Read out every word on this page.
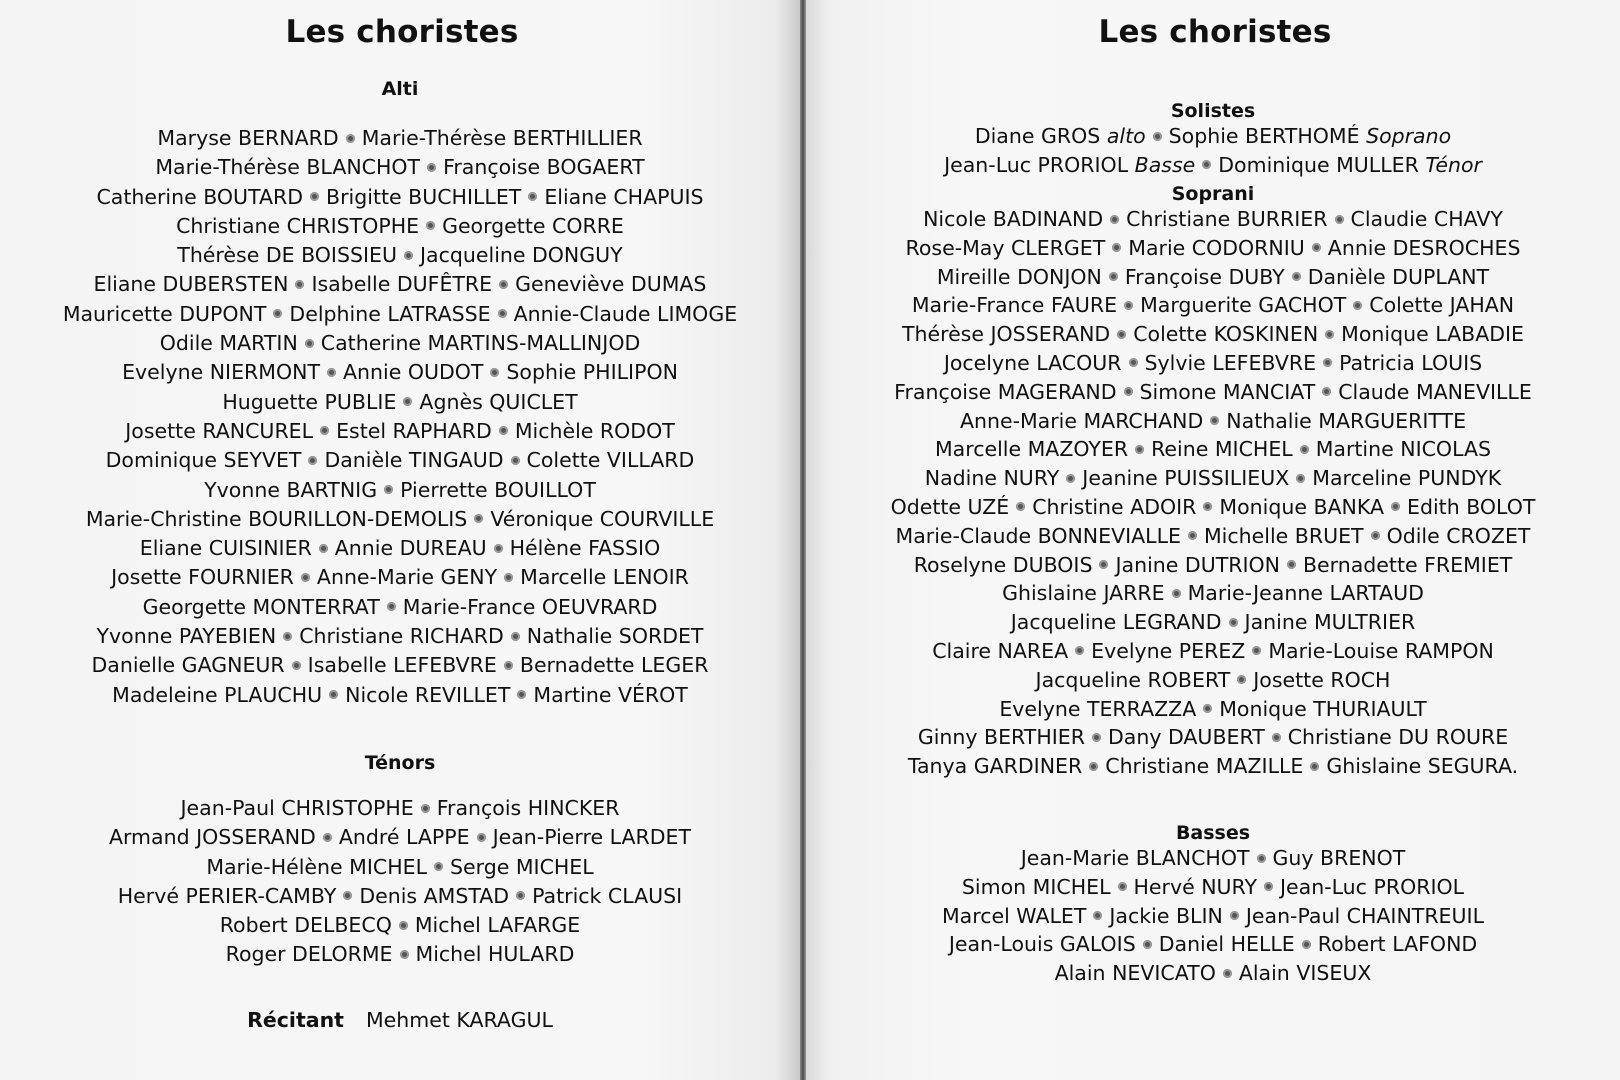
Les choristes
Alti
Maryse BERNARD Marie-Thérèse BERTHILLIER
Marie-Thérèse BLANCHOT Françoise BOGAERT
Catherine BOUTARD Brigitte BUCHILLET Eliane CHAPUIS
Christiane CHRISTOPHE Georgette CORRE
Thérèse DE BOISSIEU Jacqueline DONGUY
Eliane DUBERSTEN Isabelle DUFÊTRE Geneviève DUMAS
Mauricette DUPONT Delphine LATRASSE Annie-Claude LIMOGE
Odile MARTIN Catherine MARTINS-MALLINJOD
Evelyne NIERMONT Annie OUDOT Sophie PHILIPON
Huguette PUBLIE Agnès QUICLET
Josette RANCUREL Estel RAPHARD Michèle RODOT
Dominique SEYVET Danièle TINGAUD Colette VILLARD
Yvonne BARTNIG Pierrette BOUILLOT
Marie-Christine BOURILLON-DEMOLIS Véronique COURVILLE
Eliane CUISINIER Annie DUREAU Hélène FASSIO
Josette FOURNIER Anne-Marie GENY Marcelle LENOIR
Georgette MONTERRAT Marie-France OEUVRARD
Yvonne PAYEBIEN Christiane RICHARD Nathalie SORDET
Danielle GAGNEUR Isabelle LEFEBVRE Bernadette LEGER
Madeleine PLAUCHU Nicole REVILLET Martine VÉROT
Ténors
Jean-Paul CHRISTOPHE François HINCKER
Armand JOSSERAND André LAPPE Jean-Pierre LARDET
Marie-Hélène MICHEL Serge MICHEL
Hervé PERIER-CAMBY Denis AMSTAD Patrick CLAUSI
Robert DELBECQ Michel LAFARGE
Roger DELORME Michel HULARD
Récitant Mehmet KARAGUL
Les choristes
Solistes
Diane GROS alto Sophie BERTHOMÉ Soprano
Jean-Luc PRORIOL Basse Dominique MULLER Ténor
Soprani
Nicole BADINAND Christiane BURRIER Claudie CHAVY
Rose-May CLERGET Marie CODORNIU Annie DESROCHES
Mireille DONJON Françoise DUBY Danièle DUPLANT
Marie-France FAURE Marguerite GACHOT Colette JAHAN
Thérèse JOSSERAND Colette KOSKINEN Monique LABADIE
Jocelyne LACOUR Sylvie LEFEBVRE Patricia LOUIS
Françoise MAGERAND Simone MANCIAT Claude MANEVILLE
Anne-Marie MARCHAND Nathalie MARGUERITTE
Marcelle MAZOYER Reine MICHEL Martine NICOLAS
Nadine NURY Jeanine PUISSILIEUX Marceline PUNDYK
Odette UZÉ Christine ADOIR Monique BANKA Edith BOLOT
Marie-Claude BONNEVIALLE Michelle BRUET Odile CROZET
Roselyne DUBOIS Janine DUTRION Bernadette FREMIET
Ghislaine JARRE Marie-Jeanne LARTAUD
Jacqueline LEGRAND Janine MULTRIER
Claire NAREA Evelyne PEREZ Marie-Louise RAMPON
Jacqueline ROBERT Josette ROCH
Evelyne TERRAZZA Monique THURIAULT
Ginny BERTHIER Dany DAUBERT Christiane DU ROURE
Tanya GARDINER Christiane MAZILLE Ghislaine SEGURA.
Basses
Jean-Marie BLANCHOT Guy BRENOT
Simon MICHEL Hervé NURY Jean-Luc PRORIOL
Marcel WALET Jackie BLIN Jean-Paul CHAINTREUIL
Jean-Louis GALOIS Daniel HELLE Robert LAFOND
Alain NEVICATO Alain VISEUX
